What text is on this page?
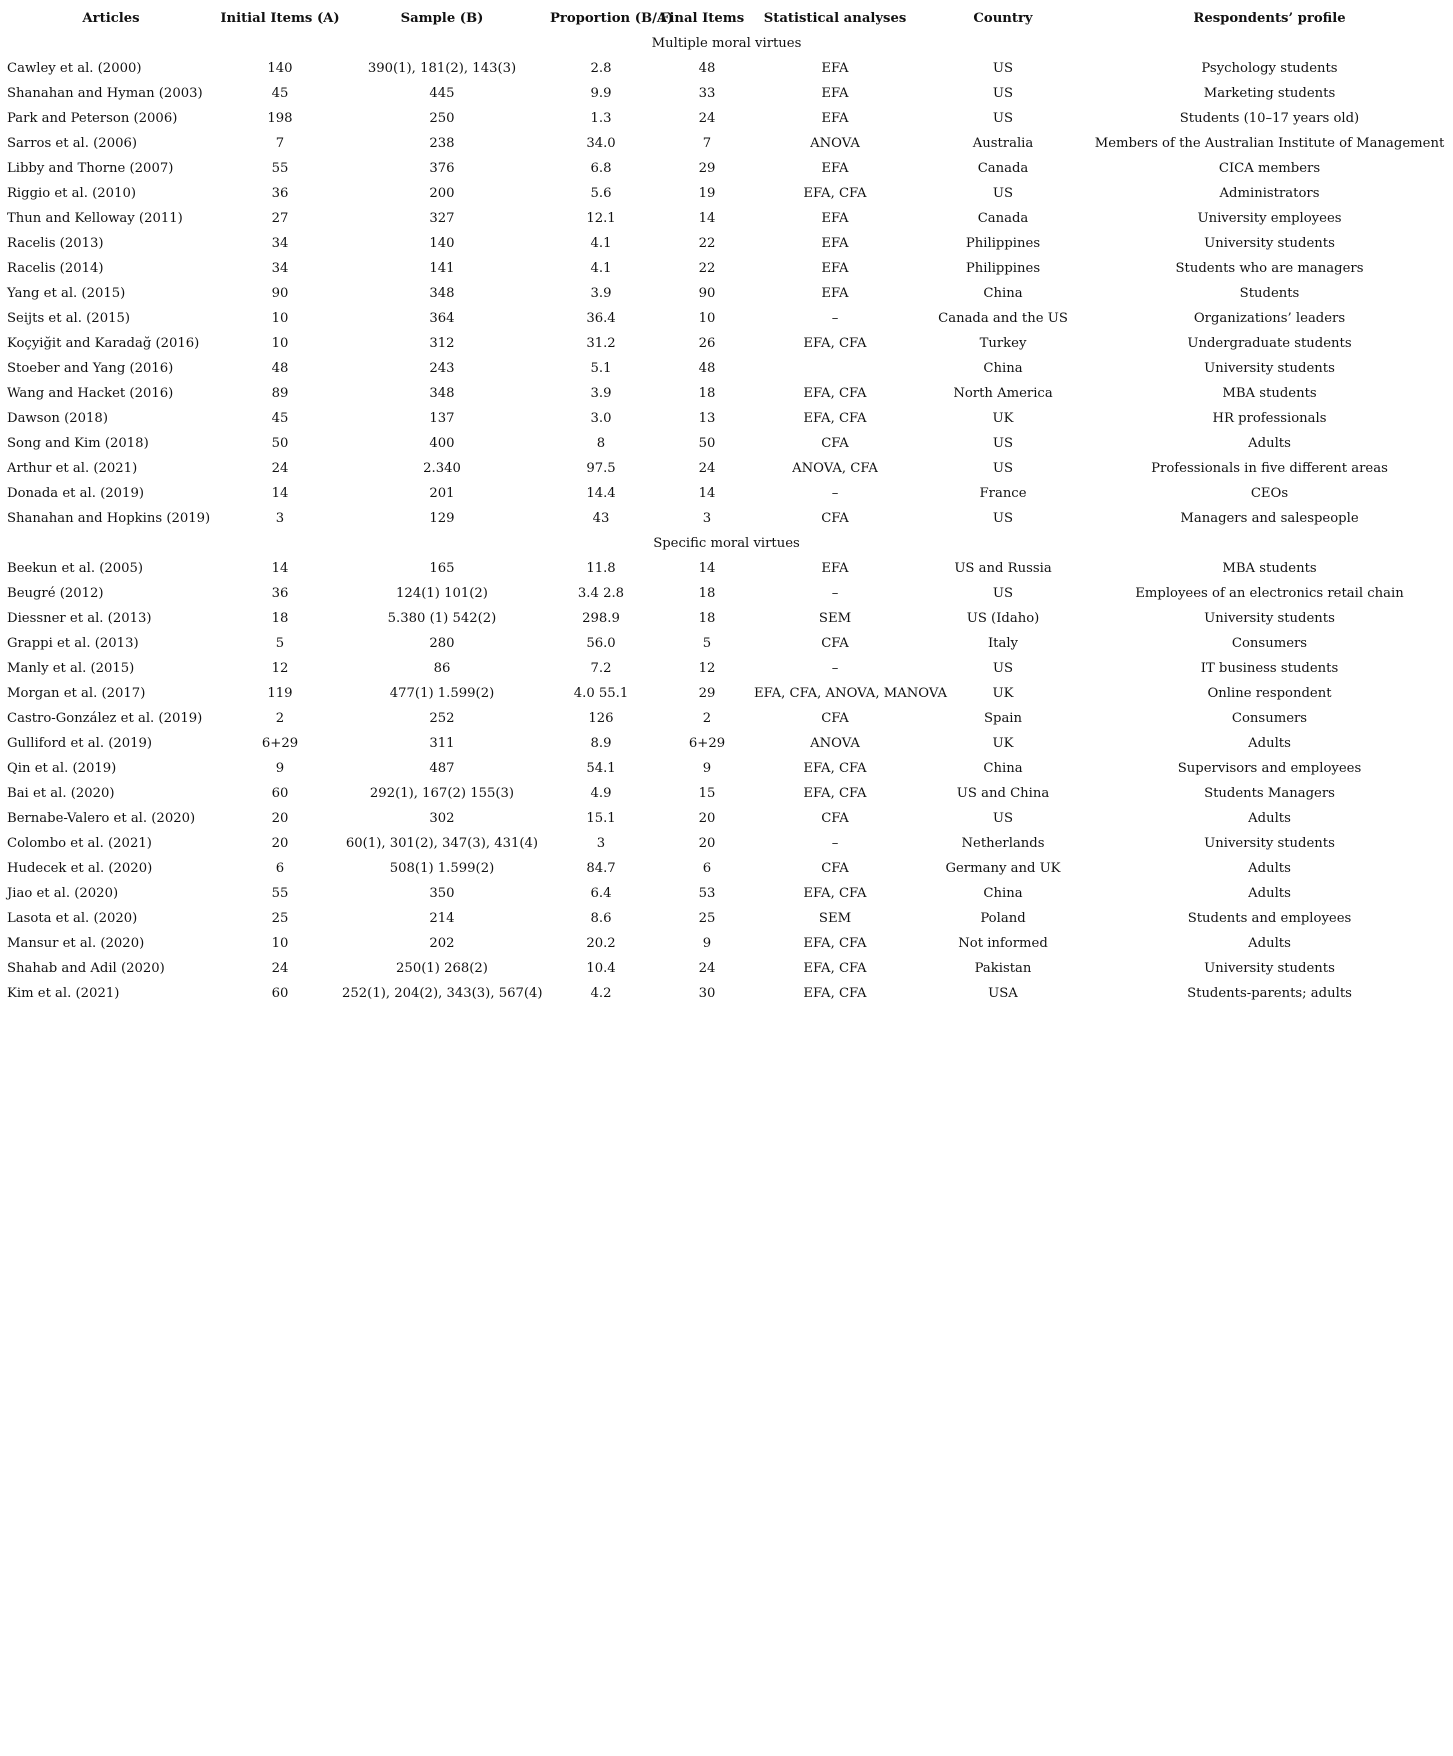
Articles	Initial Items (A)	Sample (B)	Proportion (B/A)	Final Items	Statistical analyses	Country	Respondents’ profile
Multiple moral virtues							
Cawley et al. (2000)	140	390(1), 181(2), 143(3)	2.8	48	EFA	US	Psychology students
Shanahan and Hyman (2003)	45	445	9.9	33	EFA	US	Marketing students
Park and Peterson (2006)	198	250	1.3	24	EFA	US	Students (10–17 years old)
Sarros et al. (2006)	7	238	34.0	7	ANOVA	Australia	Members of the Australian Institute of Management
Libby and Thorne (2007)	55	376	6.8	29	EFA	Canada	CICA members
Riggio et al. (2010)	36	200	5.6	19	EFA, CFA	US	Administrators
Thun and Kelloway (2011)	27	327	12.1	14	EFA	Canada	University employees
Racelis (2013)	34	140	4.1	22	EFA	Philippines	University students
Racelis (2014)	34	141	4.1	22	EFA	Philippines	Students who are managers
Yang et al. (2015)	90	348	3.9	90	EFA	China	Students
Seijts et al. (2015)	10	364	36.4	10	–	Canada and the US	Organizations’ leaders
Koçyiğit and Karadağ (2016)	10	312	31.2	26	EFA, CFA	Turkey	Undergraduate students
Stoeber and Yang (2016)	48	243	5.1	48		China	University students
Wang and Hacket (2016)	89	348	3.9	18	EFA, CFA	North America	MBA students
Dawson (2018)	45	137	3.0	13	EFA, CFA	UK	HR professionals
Song and Kim (2018)	50	400	8	50	CFA	US	Adults
Arthur et al. (2021)	24	2.340	97.5	24	ANOVA, CFA	US	Professionals in five different areas
Donada et al. (2019)	14	201	14.4	14	–	France	CEOs
Shanahan and Hopkins (2019)	3	129	43	3	CFA	US	Managers and salespeople
Specific moral virtues							
Beekun et al. (2005)	14	165	11.8	14	EFA	US and Russia	MBA students
Beugré (2012)	36	124(1) 101(2)	3.4 2.8	18	–	US	Employees of an electronics retail chain
Diessner et al. (2013)	18	5.380 (1) 542(2)	298.9	18	SEM	US (Idaho)	University students
Grappi et al. (2013)	5	280	56.0	5	CFA	Italy	Consumers
Manly et al. (2015)	12	86	7.2	12	–	US	IT business students
Morgan et al. (2017)	119	477(1) 1.599(2)	4.0 55.1	29	EFA, CFA, ANOVA, MANOVA	UK	Online respondent
Castro-González et al. (2019)	2	252	126	2	CFA	Spain	Consumers
Gulliford et al. (2019)	6+29	311	8.9	6+29	ANOVA	UK	Adults
Qin et al. (2019)	9	487	54.1	9	EFA, CFA	China	Supervisors and employees
Bai et al. (2020)	60	292(1), 167(2) 155(3)	4.9	15	EFA, CFA	US and China	Students Managers
Bernabe-Valero et al. (2020)	20	302	15.1	20	CFA	US	Adults
Colombo et al. (2021)	20	60(1), 301(2), 347(3), 431(4)	3	20	–	Netherlands	University students
Hudecek et al. (2020)	6	508(1) 1.599(2)	84.7	6	CFA	Germany and UK	Adults
Jiao et al. (2020)	55	350	6.4	53	EFA, CFA	China	Adults
Lasota et al. (2020)	25	214	8.6	25	SEM	Poland	Students and employees
Mansur et al. (2020)	10	202	20.2	9	EFA, CFA	Not informed	Adults
Shahab and Adil (2020)	24	250(1) 268(2)	10.4	24	EFA, CFA	Pakistan	University students
Kim et al. (2021)	60	252(1), 204(2), 343(3), 567(4)	4.2	30	EFA, CFA	USA	Students-parents; adults
